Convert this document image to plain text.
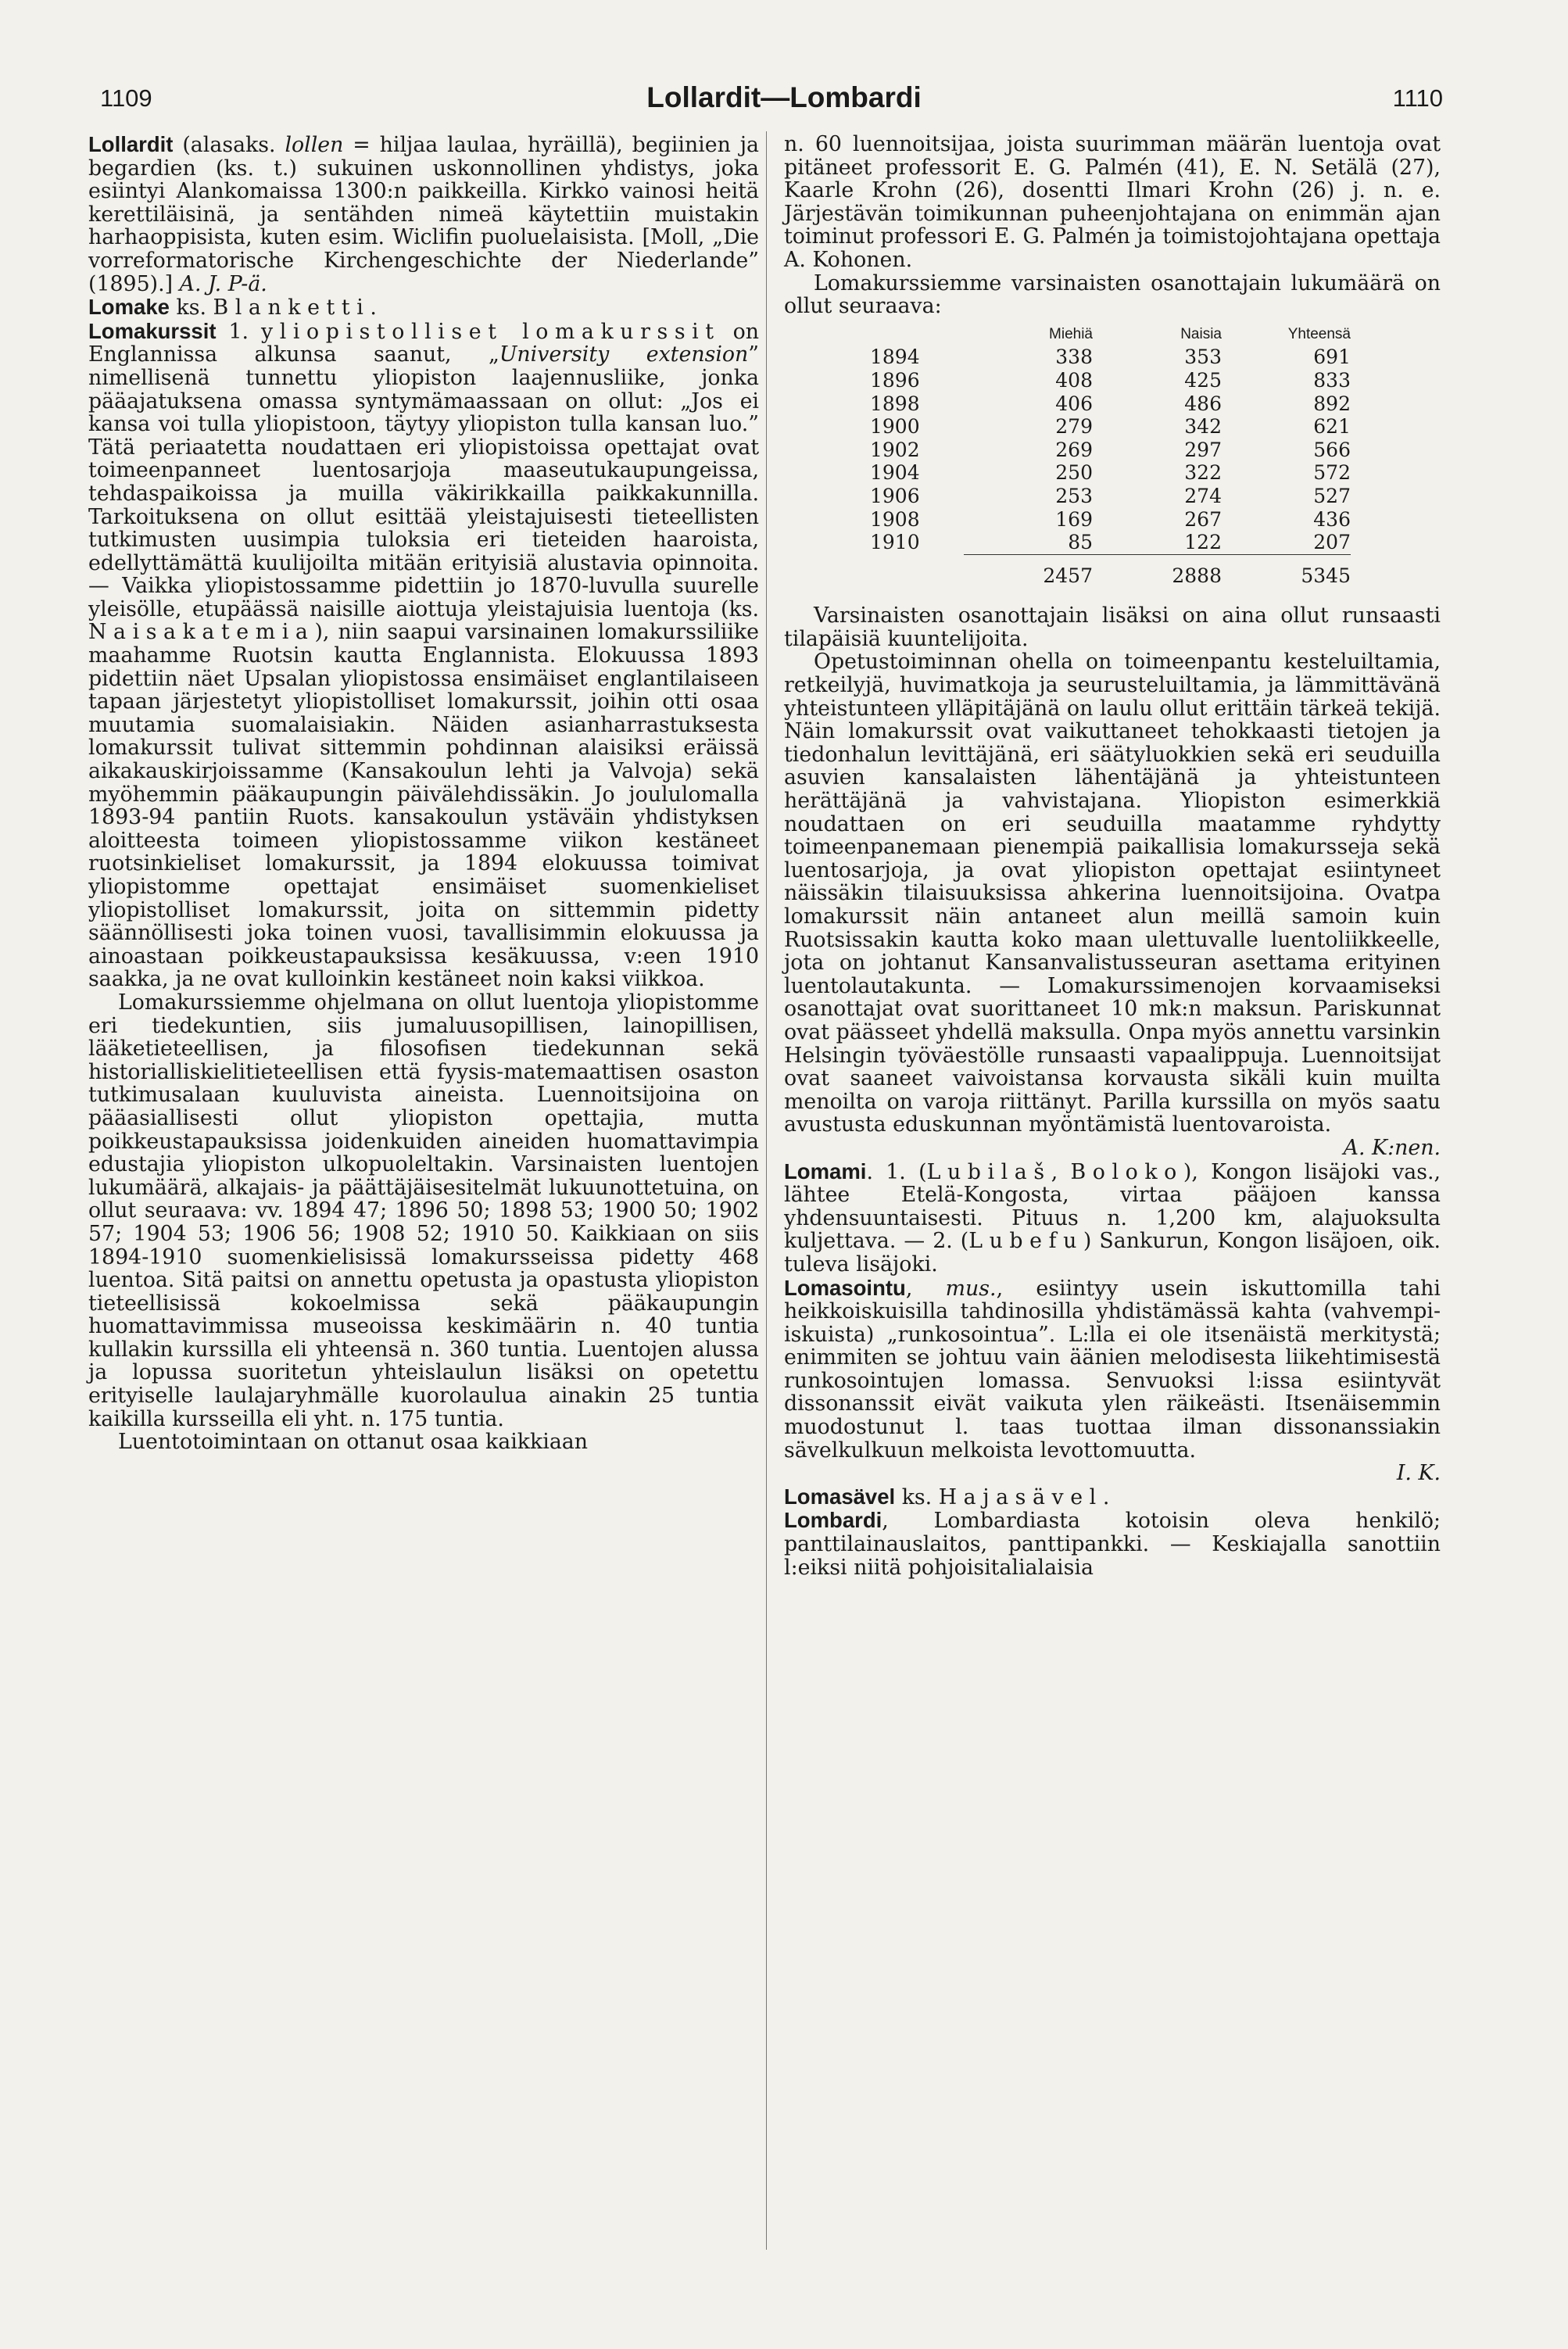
1109	Lollardit—Lombardi	1110

Lollardit (alasaks. lollen = hiljaa laulaa, hyräillä), begiinien ja begardien (ks. t.) sukuinen uskonnollinen yhdistys, joka esiintyi Alankomaissa 1300:n paikkeilla. Kirkko vainosi heitä kerettiläisinä, ja sentähden nimeä käytettiin muistakin harhaoppisista, kuten esim. Wiclifin puoluelaisista. [Moll, „Die vorreformatorische Kirchengeschichte der Niederlande” (1895).] A. J. P-ä.

Lomake ks. Blanketti.

Lomakurssit 1. yliopistolliset lomakurssit on Englannissa alkunsa saanut, „University extension” nimellisenä tunnettu yliopiston laajennusliike, jonka pääajatuksena omassa syntymämaassaan on ollut: „Jos ei kansa voi tulla yliopistoon, täytyy yliopiston tulla kansan luo.” Tätä periaatetta noudattaen eri yliopistoissa opettajat ovat toimeenpanneet luentosarjoja maaseutukaupungeissa, tehdaspaikoissa ja muilla väkirikkailla paikkakunnilla. Tarkoituksena on ollut esittää yleistajuisesti tieteellisten tutkimusten uusimpia tuloksia eri tieteiden haaroista, edellyttämättä kuulijoilta mitään erityisiä alustavia opinnoita. — Vaikka yliopistossamme pidettiin jo 1870-luvulla suurelle yleisölle, etupäässä naisille aiottuja yleistajuisia luentoja (ks. Naisakatemia), niin saapui varsinainen lomakurssiliike maahamme Ruotsin kautta Englannista. Elokuussa 1893 pidettiin näet Upsalan yliopistossa ensimäiset englantilaiseen tapaan järjestetyt yliopistolliset lomakurssit, joihin otti osaa muutamia suomalaisiakin. Näiden asianharrastuksesta lomakurssit tulivat sittemmin pohdinnan alaisiksi eräissä aikakauskirjoissamme (Kansakoulun lehti ja Valvoja) sekä myöhemmin pääkaupungin päivälehdissäkin. Jo joululomalla 1893-94 pantiin Ruots. kansakoulun ystäväin yhdistyksen aloitteesta toimeen yliopistossamme viikon kestäneet ruotsinkieliset lomakurssit, ja 1894 elokuussa toimivat yliopistomme opettajat ensimäiset suomenkieliset yliopistolliset lomakurssit, joita on sittemmin pidetty säännöllisesti joka toinen vuosi, tavallisimmin elokuussa ja ainoastaan poikkeustapauksissa kesäkuussa, v:een 1910 saakka, ja ne ovat kulloinkin kestäneet noin kaksi viikkoa.

Lomakurssiemme ohjelmana on ollut luentoja yliopistomme eri tiedekuntien, siis jumaluusopillisen, lainopillisen, lääketieteellisen, ja filosofisen tiedekunnan sekä historialliskielitieteellisen että fyysis-matemaattisen osaston tutkimusalaan kuuluvista aineista. Luennoitsijoina on pääasiallisesti ollut yliopiston opettajia, mutta poikkeustapauksissa joidenkuiden aineiden huomattavimpia edustajia yliopiston ulkopuoleltakin. Varsinaisten luentojen lukumäärä, alkajais- ja päättäjäisesitelmät lukuunottetuina, on ollut seuraava: vv. 1894 47; 1896 50; 1898 53; 1900 50; 1902 57; 1904 53; 1906 56; 1908 52; 1910 50. Kaikkiaan on siis 1894-1910 suomenkielisissä lomakursseissa pidetty 468 luentoa. Sitä paitsi on annettu opetusta ja opastusta yliopiston tieteellisissä kokoelmissa sekä pääkaupungin huomattavimmissa museoissa keskimäärin n. 40 tuntia kullakin kurssilla eli yhteensä n. 360 tuntia. Luentojen alussa ja lopussa suoritetun yhteislaulun lisäksi on opetettu erityiselle laulajaryhmälle kuorolaulua ainakin 25 tuntia kaikilla kursseilla eli yht. n. 175 tuntia.

Luentotoimintaan on ottanut osaa kaikkiaan

n. 60 luennoitsijaa, joista suurimman määrän luentoja ovat pitäneet professorit E. G. Palmén (41), E. N. Setälä (27), Kaarle Krohn (26), dosentti Ilmari Krohn (26) j. n. e. Järjestävän toimikunnan puheenjohtajana on enimmän ajan toiminut professori E. G. Palmén ja toimistojohtajana opettaja A. Kohonen.

Lomakurssiemme varsinaisten osanottajain lukumäärä on ollut seuraava:

	Miehiä	Naisia	Yhteensä
1894	338	353	691
1896	408	425	833
1898	406	486	892
1900	279	342	621
1902	269	297	566
1904	250	322	572
1906	253	274	527
1908	169	267	436
1910	85	122	207
	2457	2888	5345

Varsinaisten osanottajain lisäksi on aina ollut runsaasti tilapäisiä kuuntelijoita.

Opetustoiminnan ohella on toimeenpantu kesteluiltamia, retkeilyjä, huvimatkoja ja seurusteluiltamia, ja lämmittävänä yhteistunteen ylläpitäjänä on laulu ollut erittäin tärkeä tekijä. Näin lomakurssit ovat vaikuttaneet tehokkaasti tietojen ja tiedonhalun levittäjänä, eri säätyluokkien sekä eri seuduilla asuvien kansalaisten lähentäjänä ja yhteistunteen herättäjänä ja vahvistajana. Yliopiston esimerkkiä noudattaen on eri seuduilla maatamme ryhdytty toimeenpanemaan pienempiä paikallisia lomakursseja sekä luentosarjoja, ja ovat yliopiston opettajat esiintyneet näissäkin tilaisuuksissa ahkerina luennoitsijoina. Ovatpa lomakurssit näin antaneet alun meillä samoin kuin Ruotsissakin kautta koko maan ulettuvalle luentoliikkeelle, jota on johtanut Kansanvalistusseuran asettama erityinen luentolautakunta. — Lomakurssimenojen korvaamiseksi osanottajat ovat suorittaneet 10 mk:n maksun. Pariskunnat ovat päässeet yhdellä maksulla. Onpa myös annettu varsinkin Helsingin työväestölle runsaasti vapaalippuja. Luennoitsijat ovat saaneet vaivoistansa korvausta sikäli kuin muilta menoilta on varoja riittänyt. Parilla kurssilla on myös saatu avustusta eduskunnan myöntämistä luentovaroista.

A. K:nen.

Lomami. 1. (Lubilaš, Boloko), Kongon lisäjoki vas., lähtee Etelä-Kongosta, virtaa pääjoen kanssa yhdensuuntaisesti. Pituus n. 1,200 km, alajuoksulta kuljettava. — 2. (Lubefu) Sankurun, Kongon lisäjoen, oik. tuleva lisäjoki.

Lomasointu, mus., esiintyy usein iskuttomilla tahi heikkoiskuisilla tahdinosilla yhdistämässä kahta (vahvempi-iskuista) „runkosointua”. L:lla ei ole itsenäistä merkitystä; enimmiten se johtuu vain äänien melodisesta liikehtimisestä runkosointujen lomassa. Senvuoksi l:issa esiintyvät dissonanssit eivät vaikuta ylen räikeästi. Itsenäisemmin muodostunut l. taas tuottaa ilman dissonanssiakin sävelkulkuun melkoista levottomuutta.

I. K.

Lomasävel ks. Hajasävel.

Lombardi, Lombardiasta kotoisin oleva henkilö; panttilainauslaitos, panttipankki. — Keskiajalla sanottiin l:eiksi niitä pohjoisitalialaisia
